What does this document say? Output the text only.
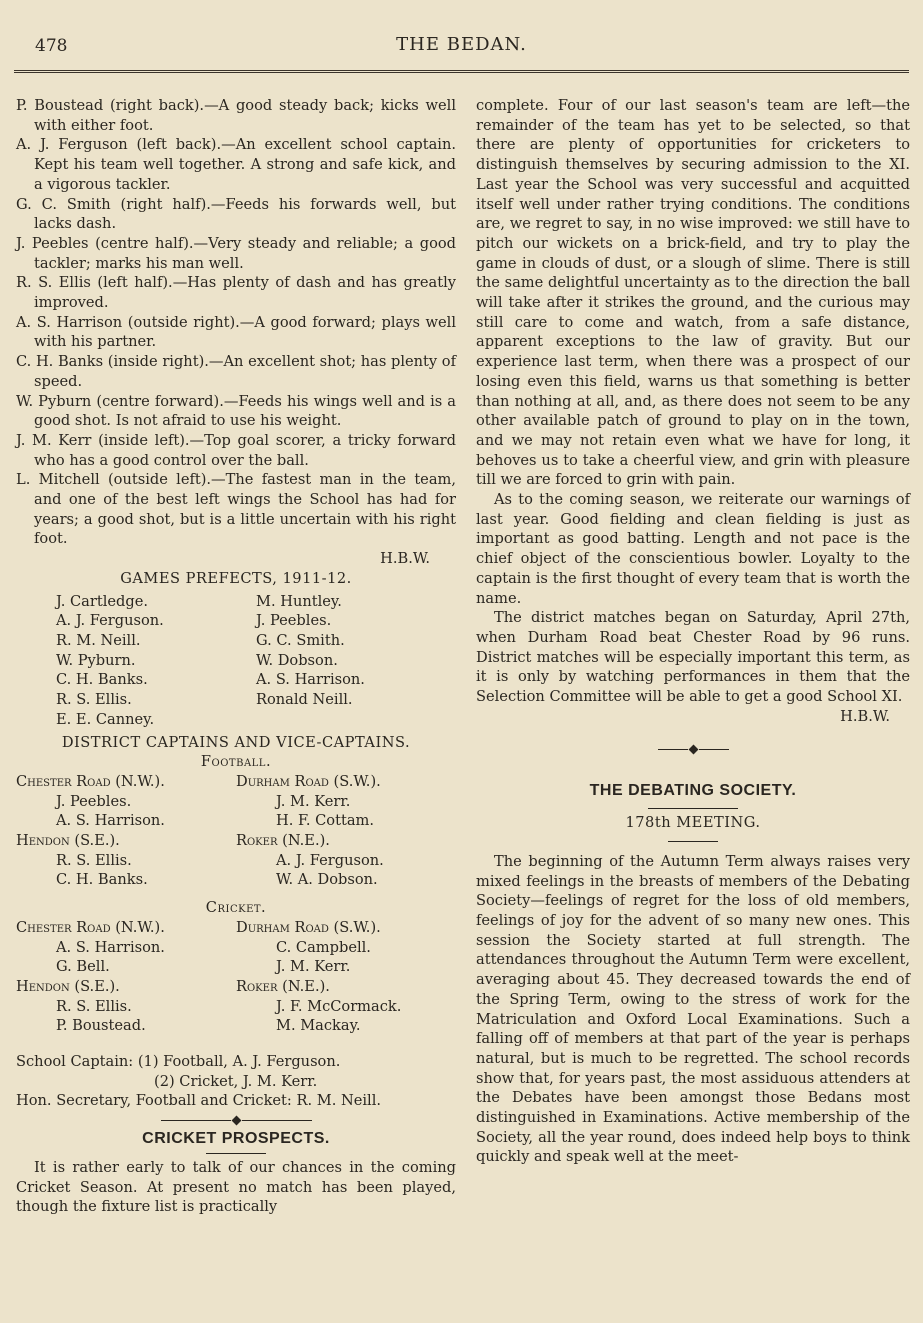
478	THE BEDAN.

P. Boustead (right back).—A good steady back; kicks well with either foot.

A. J. Ferguson (left back).—An excellent school captain. Kept his team well together. A strong and safe kick, and a vigorous tackler.

G. C. Smith (right half).—Feeds his forwards well, but lacks dash.

J. Peebles (centre half).—Very steady and reliable; a good tackler; marks his man well.

R. S. Ellis (left half).—Has plenty of dash and has greatly improved.

A. S. Harrison (outside right).—A good forward; plays well with his partner.

C. H. Banks (inside right).—An excellent shot; has plenty of speed.

W. Pyburn (centre forward).—Feeds his wings well and is a good shot. Is not afraid to use his weight.

J. M. Kerr (inside left).—Top goal scorer, a tricky forward who has a good control over the ball.

L. Mitchell (outside left).—The fastest man in the team, and one of the best left wings the School has had for years; a good shot, but is a little uncertain with his right foot.

H.B.W.

GAMES PREFECTS, 1911-12.

J. Cartledge.	M. Huntley.
A. J. Ferguson.	J. Peebles.
R. M. Neill.	G. C. Smith.
W. Pyburn.	W. Dobson.
C. H. Banks.	A. S. Harrison.
R. S. Ellis.	Ronald Neill.
E. E. Canney.

DISTRICT CAPTAINS AND VICE-CAPTAINS.

Football.

Chester Road (N.W.).	Durham Road (S.W.).
J. Peebles.	J. M. Kerr.
A. S. Harrison.	H. F. Cottam.
Hendon (S.E.).	Roker (N.E.).
R. S. Ellis.	A. J. Ferguson.
C. H. Banks.	W. A. Dobson.

Cricket.

Chester Road (N.W.).	Durham Road (S.W.).
A. S. Harrison.	C. Campbell.
G. Bell.	J. M. Kerr.
Hendon (S.E.).	Roker (N.E.).
R. S. Ellis.	J. F. McCormack.
P. Boustead.	M. Mackay.

School Captain: (1) Football, A. J. Ferguson.

(2) Cricket, J. M. Kerr.

Hon. Secretary, Football and Cricket: R. M. Neill.

CRICKET PROSPECTS.

It is rather early to talk of our chances in the coming Cricket Season. At present no match has been played, though the fixture list is practically

complete. Four of our last season's team are left—the remainder of the team has yet to be selected, so that there are plenty of opportunities for cricketers to distinguish themselves by securing admission to the XI. Last year the School was very successful and acquitted itself well under rather trying conditions. The conditions are, we regret to say, in no wise improved: we still have to pitch our wickets on a brick-field, and try to play the game in clouds of dust, or a slough of slime. There is still the same delightful uncertainty as to the direction the ball will take after it strikes the ground, and the curious may still care to come and watch, from a safe distance, apparent exceptions to the law of gravity. But our experience last term, when there was a prospect of our losing even this field, warns us that something is better than nothing at all, and, as there does not seem to be any other available patch of ground to play on in the town, and we may not retain even what we have for long, it behoves us to take a cheerful view, and grin with pleasure till we are forced to grin with pain.

As to the coming season, we reiterate our warnings of last year. Good fielding and clean fielding is just as important as good batting. Length and not pace is the chief object of the conscientious bowler. Loyalty to the captain is the first thought of every team that is worth the name.

The district matches began on Saturday, April 27th, when Durham Road beat Chester Road by 96 runs. District matches will be especially important this term, as it is only by watching performances in them that the Selection Committee will be able to get a good School XI.

H.B.W.

THE DEBATING SOCIETY.

178th MEETING.

The beginning of the Autumn Term always raises very mixed feelings in the breasts of members of the Debating Society—feelings of regret for the loss of old members, feelings of joy for the advent of so many new ones. This session the Society started at full strength. The attendances throughout the Autumn Term were excellent, averaging about 45. They decreased towards the end of the Spring Term, owing to the stress of work for the Matriculation and Oxford Local Examinations. Such a falling off of members at that part of the year is perhaps natural, but is much to be regretted. The school records show that, for years past, the most assiduous attenders at the Debates have been amongst those Bedans most distinguished in Examinations. Active membership of the Society, all the year round, does indeed help boys to think quickly and speak well at the meet-
